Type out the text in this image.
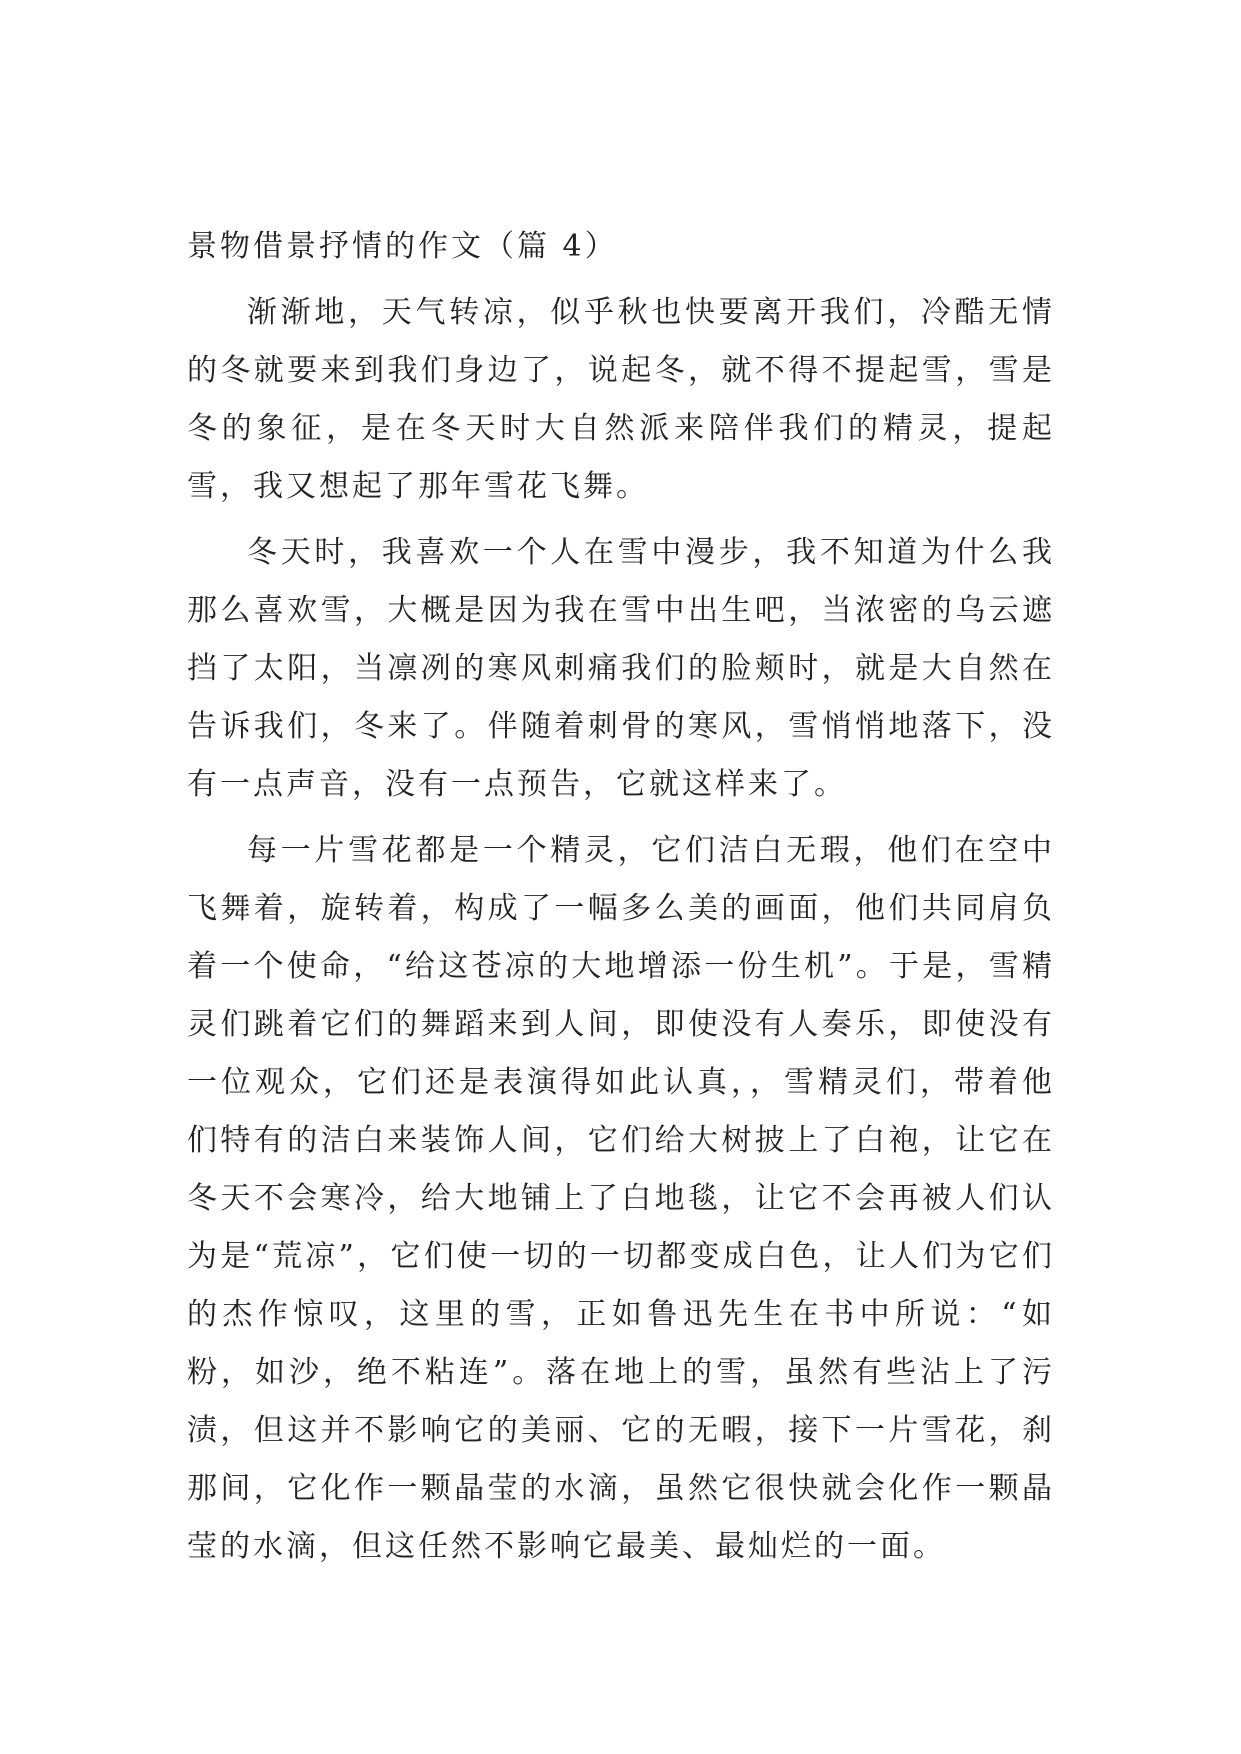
景物借景抒情的作文（篇 4）

渐渐地，天气转凉，似乎秋也快要离开我们，冷酷无情的冬就要来到我们身边了，说起冬，就不得不提起雪，雪是冬的象征，是在冬天时大自然派来陪伴我们的精灵，提起雪，我又想起了那年雪花飞舞。

冬天时，我喜欢一个人在雪中漫步，我不知道为什么我那么喜欢雪，大概是因为我在雪中出生吧，当浓密的乌云遮挡了太阳，当凛冽的寒风刺痛我们的脸颊时，就是大自然在告诉我们，冬来了。伴随着刺骨的寒风，雪悄悄地落下，没有一点声音，没有一点预告，它就这样来了。

每一片雪花都是一个精灵，它们洁白无瑕，他们在空中飞舞着，旋转着，构成了一幅多么美的画面，他们共同肩负着一个使命，“给这苍凉的大地增添一份生机”。于是，雪精灵们跳着它们的舞蹈来到人间，即使没有人奏乐，即使没有一位观众，它们还是表演得如此认真，，雪精灵们，带着他们特有的洁白来装饰人间，它们给大树披上了白袍，让它在冬天不会寒冷，给大地铺上了白地毯，让它不会再被人们认为是“荒凉”，它们使一切的一切都变成白色，让人们为它们的杰作惊叹，这里的雪，正如鲁迅先生在书中所说：“如粉，如沙，绝不粘连”。落在地上的雪，虽然有些沾上了污渍，但这并不影响它的美丽、它的无暇，接下一片雪花，刹那间，它化作一颗晶莹的水滴，虽然它很快就会化作一颗晶莹的水滴，但这任然不影响它最美、最灿烂的一面。
